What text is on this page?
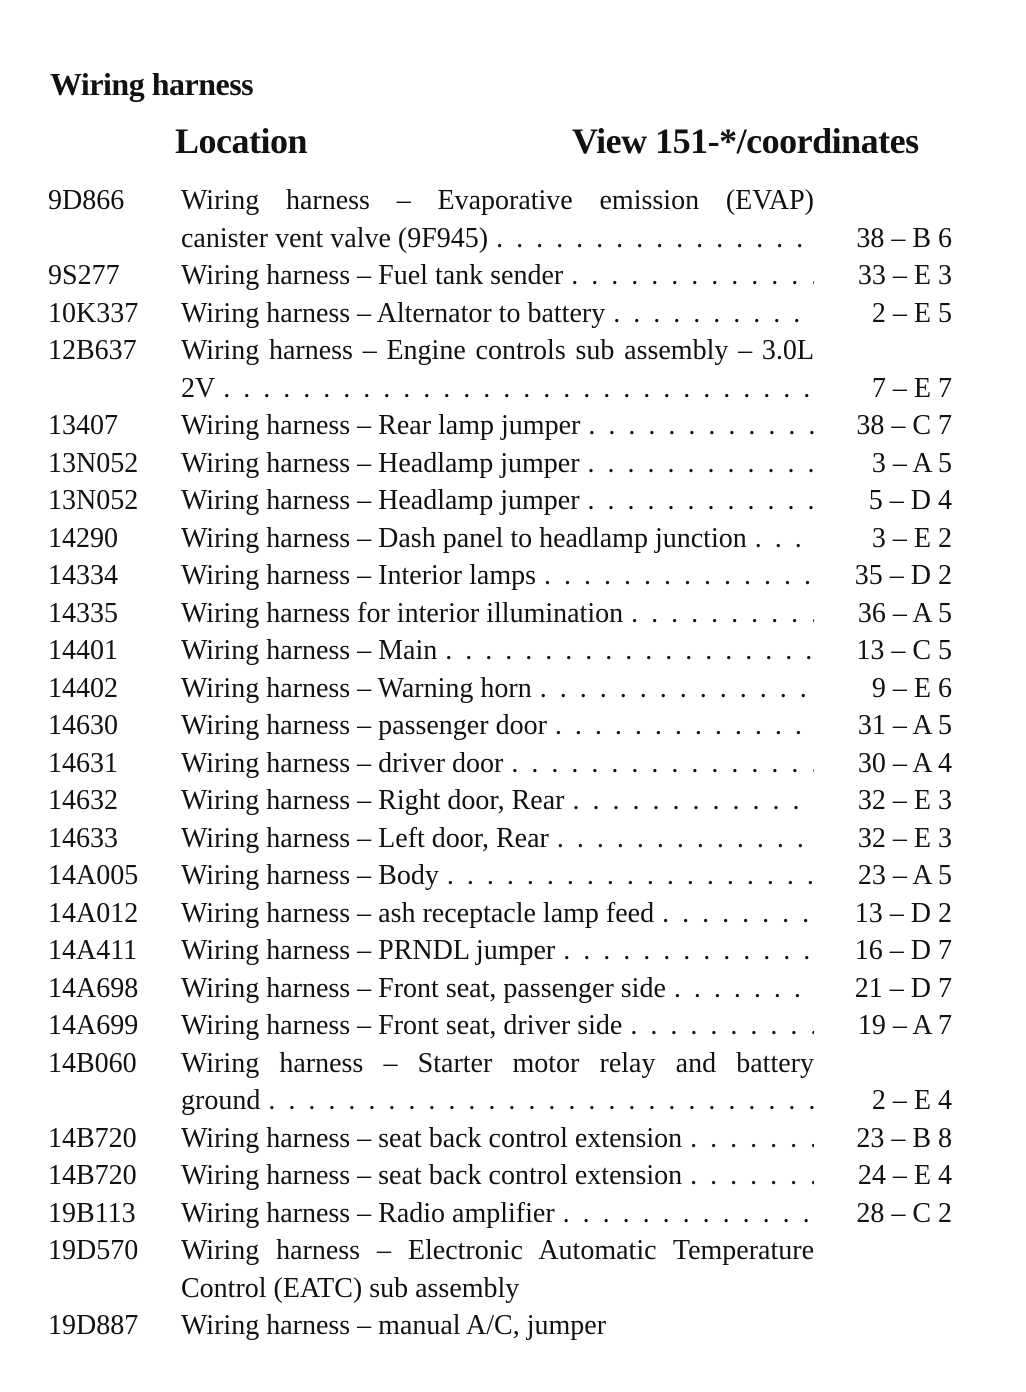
Wiring harness
Location	View 151-*/coordinates
9D866 Wiring harness – Evaporative emission (EVAP)
canister vent valve (9F945) . . .	38 – B 6
9S277 Wiring harness – Fuel tank sender . . .	33 – E 3
10K337 Wiring harness – Alternator to battery . . .	2 – E 5
12B637 Wiring harness – Engine controls sub assembly – 3.0L
2V . . .	7 – E 7
13407 Wiring harness – Rear lamp jumper . . .	38 – C 7
13N052 Wiring harness – Headlamp jumper . . .	3 – A 5
13N052 Wiring harness – Headlamp jumper . . .	5 – D 4
14290 Wiring harness – Dash panel to headlamp junction . . .	3 – E 2
14334 Wiring harness – Interior lamps . . .	35 – D 2
14335 Wiring harness for interior illumination . . .	36 – A 5
14401 Wiring harness – Main . . .	13 – C 5
14402 Wiring harness – Warning horn . . .	9 – E 6
14630 Wiring harness – passenger door . . .	31 – A 5
14631 Wiring harness – driver door . . .	30 – A 4
14632 Wiring harness – Right door, Rear . . .	32 – E 3
14633 Wiring harness – Left door, Rear . . .	32 – E 3
14A005 Wiring harness – Body . . .	23 – A 5
14A012 Wiring harness – ash receptacle lamp feed . . .	13 – D 2
14A411 Wiring harness – PRNDL jumper . . .	16 – D 7
14A698 Wiring harness – Front seat, passenger side . . .	21 – D 7
14A699 Wiring harness – Front seat, driver side . . .	19 – A 7
14B060 Wiring harness – Starter motor relay and battery
ground . . .	2 – E 4
14B720 Wiring harness – seat back control extension . . .	23 – B 8
14B720 Wiring harness – seat back control extension . . .	24 – E 4
19B113 Wiring harness – Radio amplifier . . .	28 – C 2
19D570 Wiring harness – Electronic Automatic Temperature
Control (EATC) sub assembly
19D887 Wiring harness – manual A/C, jumper
